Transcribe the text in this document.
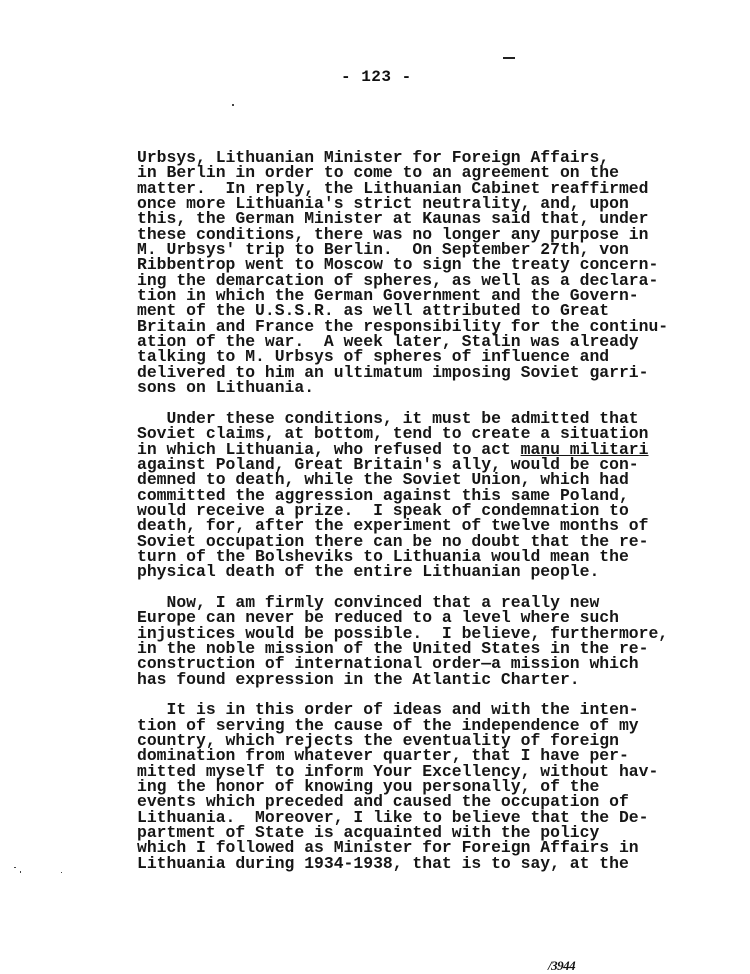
- 123 -
Urbsys, Lithuanian Minister for Foreign Affairs,
in Berlin in order to come to an agreement on the
matter.  In reply, the Lithuanian Cabinet reaffirmed
once more Lithuania's strict neutrality, and, upon
this, the German Minister at Kaunas said that, under
these conditions, there was no longer any purpose in
M. Urbsys' trip to Berlin.  On September 27th, von
Ribbentrop went to Moscow to sign the treaty concern-
ing the demarcation of spheres, as well as a declara-
tion in which the German Government and the Govern-
ment of the U.S.S.R. as well attributed to Great
Britain and France the responsibility for the continu-
ation of the war.  A week later, Stalin was already
talking to M. Urbsys of spheres of influence and
delivered to him an ultimatum imposing Soviet garri-
sons on Lithuania.
Under these conditions, it must be admitted that
Soviet claims, at bottom, tend to create a situation
in which Lithuania, who refused to act manu militari
against Poland, Great Britain's ally, would be con-
demned to death, while the Soviet Union, which had
committed the aggression against this same Poland,
would receive a prize.  I speak of condemnation to
death, for, after the experiment of twelve months of
Soviet occupation there can be no doubt that the re-
turn of the Bolsheviks to Lithuania would mean the
physical death of the entire Lithuanian people.
Now, I am firmly convinced that a really new
Europe can never be reduced to a level where such
injustices would be possible.  I believe, furthermore,
in the noble mission of the United States in the re-
construction of international order—a mission which
has found expression in the Atlantic Charter.
It is in this order of ideas and with the inten-
tion of serving the cause of the independence of my
country, which rejects the eventuality of foreign
domination from whatever quarter, that I have per-
mitted myself to inform Your Excellency, without hav-
ing the honor of knowing you personally, of the
events which preceded and caused the occupation of
Lithuania.  Moreover, I like to believe that the De-
partment of State is acquainted with the policy
which I followed as Minister for Foreign Affairs in
Lithuania during 1934-1938, that is to say, at the
/3944
